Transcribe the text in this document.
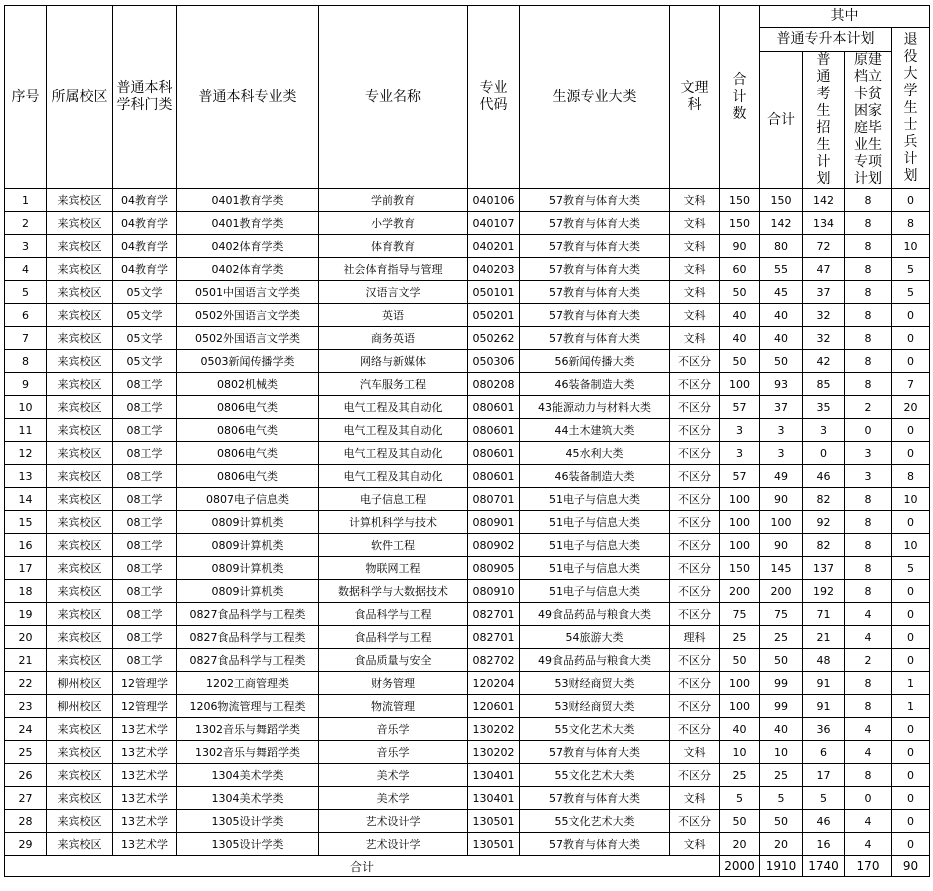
序号	所属校区	普通本科学科门类	普通本科专业类	专业名称	专业代码	生源专业大类	文理科	合计数	其中			
									普通专升本计划			退役大学生士兵计划
									合计	普通考生招生计划	原建档立卡贫困家庭毕业生专项计划	
1	来宾校区	04教育学	0401教育学类	学前教育	040106	57教育与体育大类	文科	150	150	142	8	0
2	来宾校区	04教育学	0401教育学类	小学教育	040107	57教育与体育大类	文科	150	142	134	8	8
3	来宾校区	04教育学	0402体育学类	体育教育	040201	57教育与体育大类	文科	90	80	72	8	10
4	来宾校区	04教育学	0402体育学类	社会体育指导与管理	040203	57教育与体育大类	文科	60	55	47	8	5
5	来宾校区	05文学	0501中国语言文学类	汉语言文学	050101	57教育与体育大类	文科	50	45	37	8	5
6	来宾校区	05文学	0502外国语言文学类	英语	050201	57教育与体育大类	文科	40	40	32	8	0
7	来宾校区	05文学	0502外国语言文学类	商务英语	050262	57教育与体育大类	文科	40	40	32	8	0
8	来宾校区	05文学	0503新闻传播学类	网络与新媒体	050306	56新闻传播大类	不区分	50	50	42	8	0
9	来宾校区	08工学	0802机械类	汽车服务工程	080208	46装备制造大类	不区分	100	93	85	8	7
10	来宾校区	08工学	0806电气类	电气工程及其自动化	080601	43能源动力与材料大类	不区分	57	37	35	2	20
11	来宾校区	08工学	0806电气类	电气工程及其自动化	080601	44土木建筑大类	不区分	3	3	3	0	0
12	来宾校区	08工学	0806电气类	电气工程及其自动化	080601	45水利大类	不区分	3	3	0	3	0
13	来宾校区	08工学	0806电气类	电气工程及其自动化	080601	46装备制造大类	不区分	57	49	46	3	8
14	来宾校区	08工学	0807电子信息类	电子信息工程	080701	51电子与信息大类	不区分	100	90	82	8	10
15	来宾校区	08工学	0809计算机类	计算机科学与技术	080901	51电子与信息大类	不区分	100	100	92	8	0
16	来宾校区	08工学	0809计算机类	软件工程	080902	51电子与信息大类	不区分	100	90	82	8	10
17	来宾校区	08工学	0809计算机类	物联网工程	080905	51电子与信息大类	不区分	150	145	137	8	5
18	来宾校区	08工学	0809计算机类	数据科学与大数据技术	080910	51电子与信息大类	不区分	200	200	192	8	0
19	来宾校区	08工学	0827食品科学与工程类	食品科学与工程	082701	49食品药品与粮食大类	不区分	75	75	71	4	0
20	来宾校区	08工学	0827食品科学与工程类	食品科学与工程	082701	54旅游大类	理科	25	25	21	4	0
21	来宾校区	08工学	0827食品科学与工程类	食品质量与安全	082702	49食品药品与粮食大类	不区分	50	50	48	2	0
22	柳州校区	12管理学	1202工商管理类	财务管理	120204	53财经商贸大类	不区分	100	99	91	8	1
23	柳州校区	12管理学	1206物流管理与工程类	物流管理	120601	53财经商贸大类	不区分	100	99	91	8	1
24	来宾校区	13艺术学	1302音乐与舞蹈学类	音乐学	130202	55文化艺术大类	不区分	40	40	36	4	0
25	来宾校区	13艺术学	1302音乐与舞蹈学类	音乐学	130202	57教育与体育大类	文科	10	10	6	4	0
26	来宾校区	13艺术学	1304美术学类	美术学	130401	55文化艺术大类	不区分	25	25	17	8	0
27	来宾校区	13艺术学	1304美术学类	美术学	130401	57教育与体育大类	文科	5	5	5	0	0
28	来宾校区	13艺术学	1305设计学类	艺术设计学	130501	55文化艺术大类	不区分	50	50	46	4	0
29	来宾校区	13艺术学	1305设计学类	艺术设计学	130501	57教育与体育大类	文科	20	20	16	4	0
合计								2000	1910	1740	170	90
